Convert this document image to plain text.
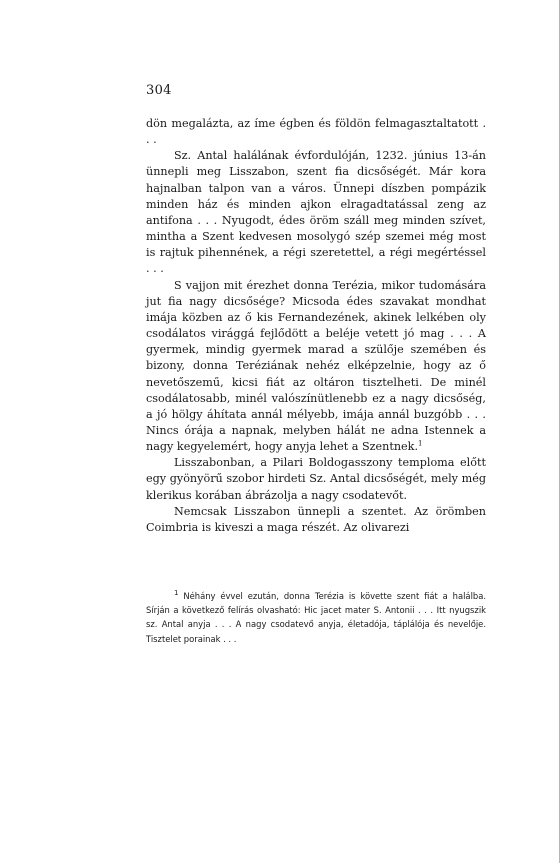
304

dön megalázta, az íme égben és földön felmagasztaltatott . . .

Sz. Antal halálának évfordulóján, 1232. június 13-án ünnepli meg Lisszabon, szent fia dicsőségét. Már kora hajnalban talpon van a város. Ünnepi díszben pompázik minden ház és minden ajkon elragadtatással zeng az antifona . . . Nyugodt, édes öröm száll meg minden szívet, mintha a Szent kedvesen mosolygó szép szemei még most is rajtuk pihennének, a régi szeretettel, a régi megértéssel . . .

S vajjon mit érezhet donna Terézia, mikor tudomására jut fia nagy dicsősége? Micsoda édes szavakat mondhat imája közben az ő kis Fernandezének, akinek lelkében oly csodálatos virággá fejlődött a beléje vetett jó mag . . . A gyermek, mindig gyermek marad a szülője szemében és bizony, donna Teréziának nehéz elképzelnie, hogy az ő nevetőszemű, kicsi fiát az oltáron tisztelheti. De minél csodálatosabb, minél valószínütlenebb ez a nagy dicsőség, a jó hölgy áhítata annál mélyebb, imája annál buzgóbb . . . Nincs órája a napnak, melyben hálát ne adna Istennek a nagy kegyelemért, hogy anyja lehet a Szentnek.$^1$

Lisszabonban, a Pilari Boldogasszony temploma előtt egy gyönyörű szobor hirdeti Sz. Antal dicsőségét, mely még klerikus korában ábrázolja a nagy csodatevőt.

Nemcsak Lisszabon ünnepli a szentet. Az örömben Coimbria is kiveszi a maga részét. Az olivarezi

$^1$ Néhány évvel ezután, donna Terézia is követte szent fiát a halálba. Sírján a következő felírás olvasható: Hic jacet mater S. Antonii . . . Itt nyugszik sz. Antal anyja . . . A nagy csodatevő anyja, életadója, táplálója és nevelője. Tisztelet porainak . . .
